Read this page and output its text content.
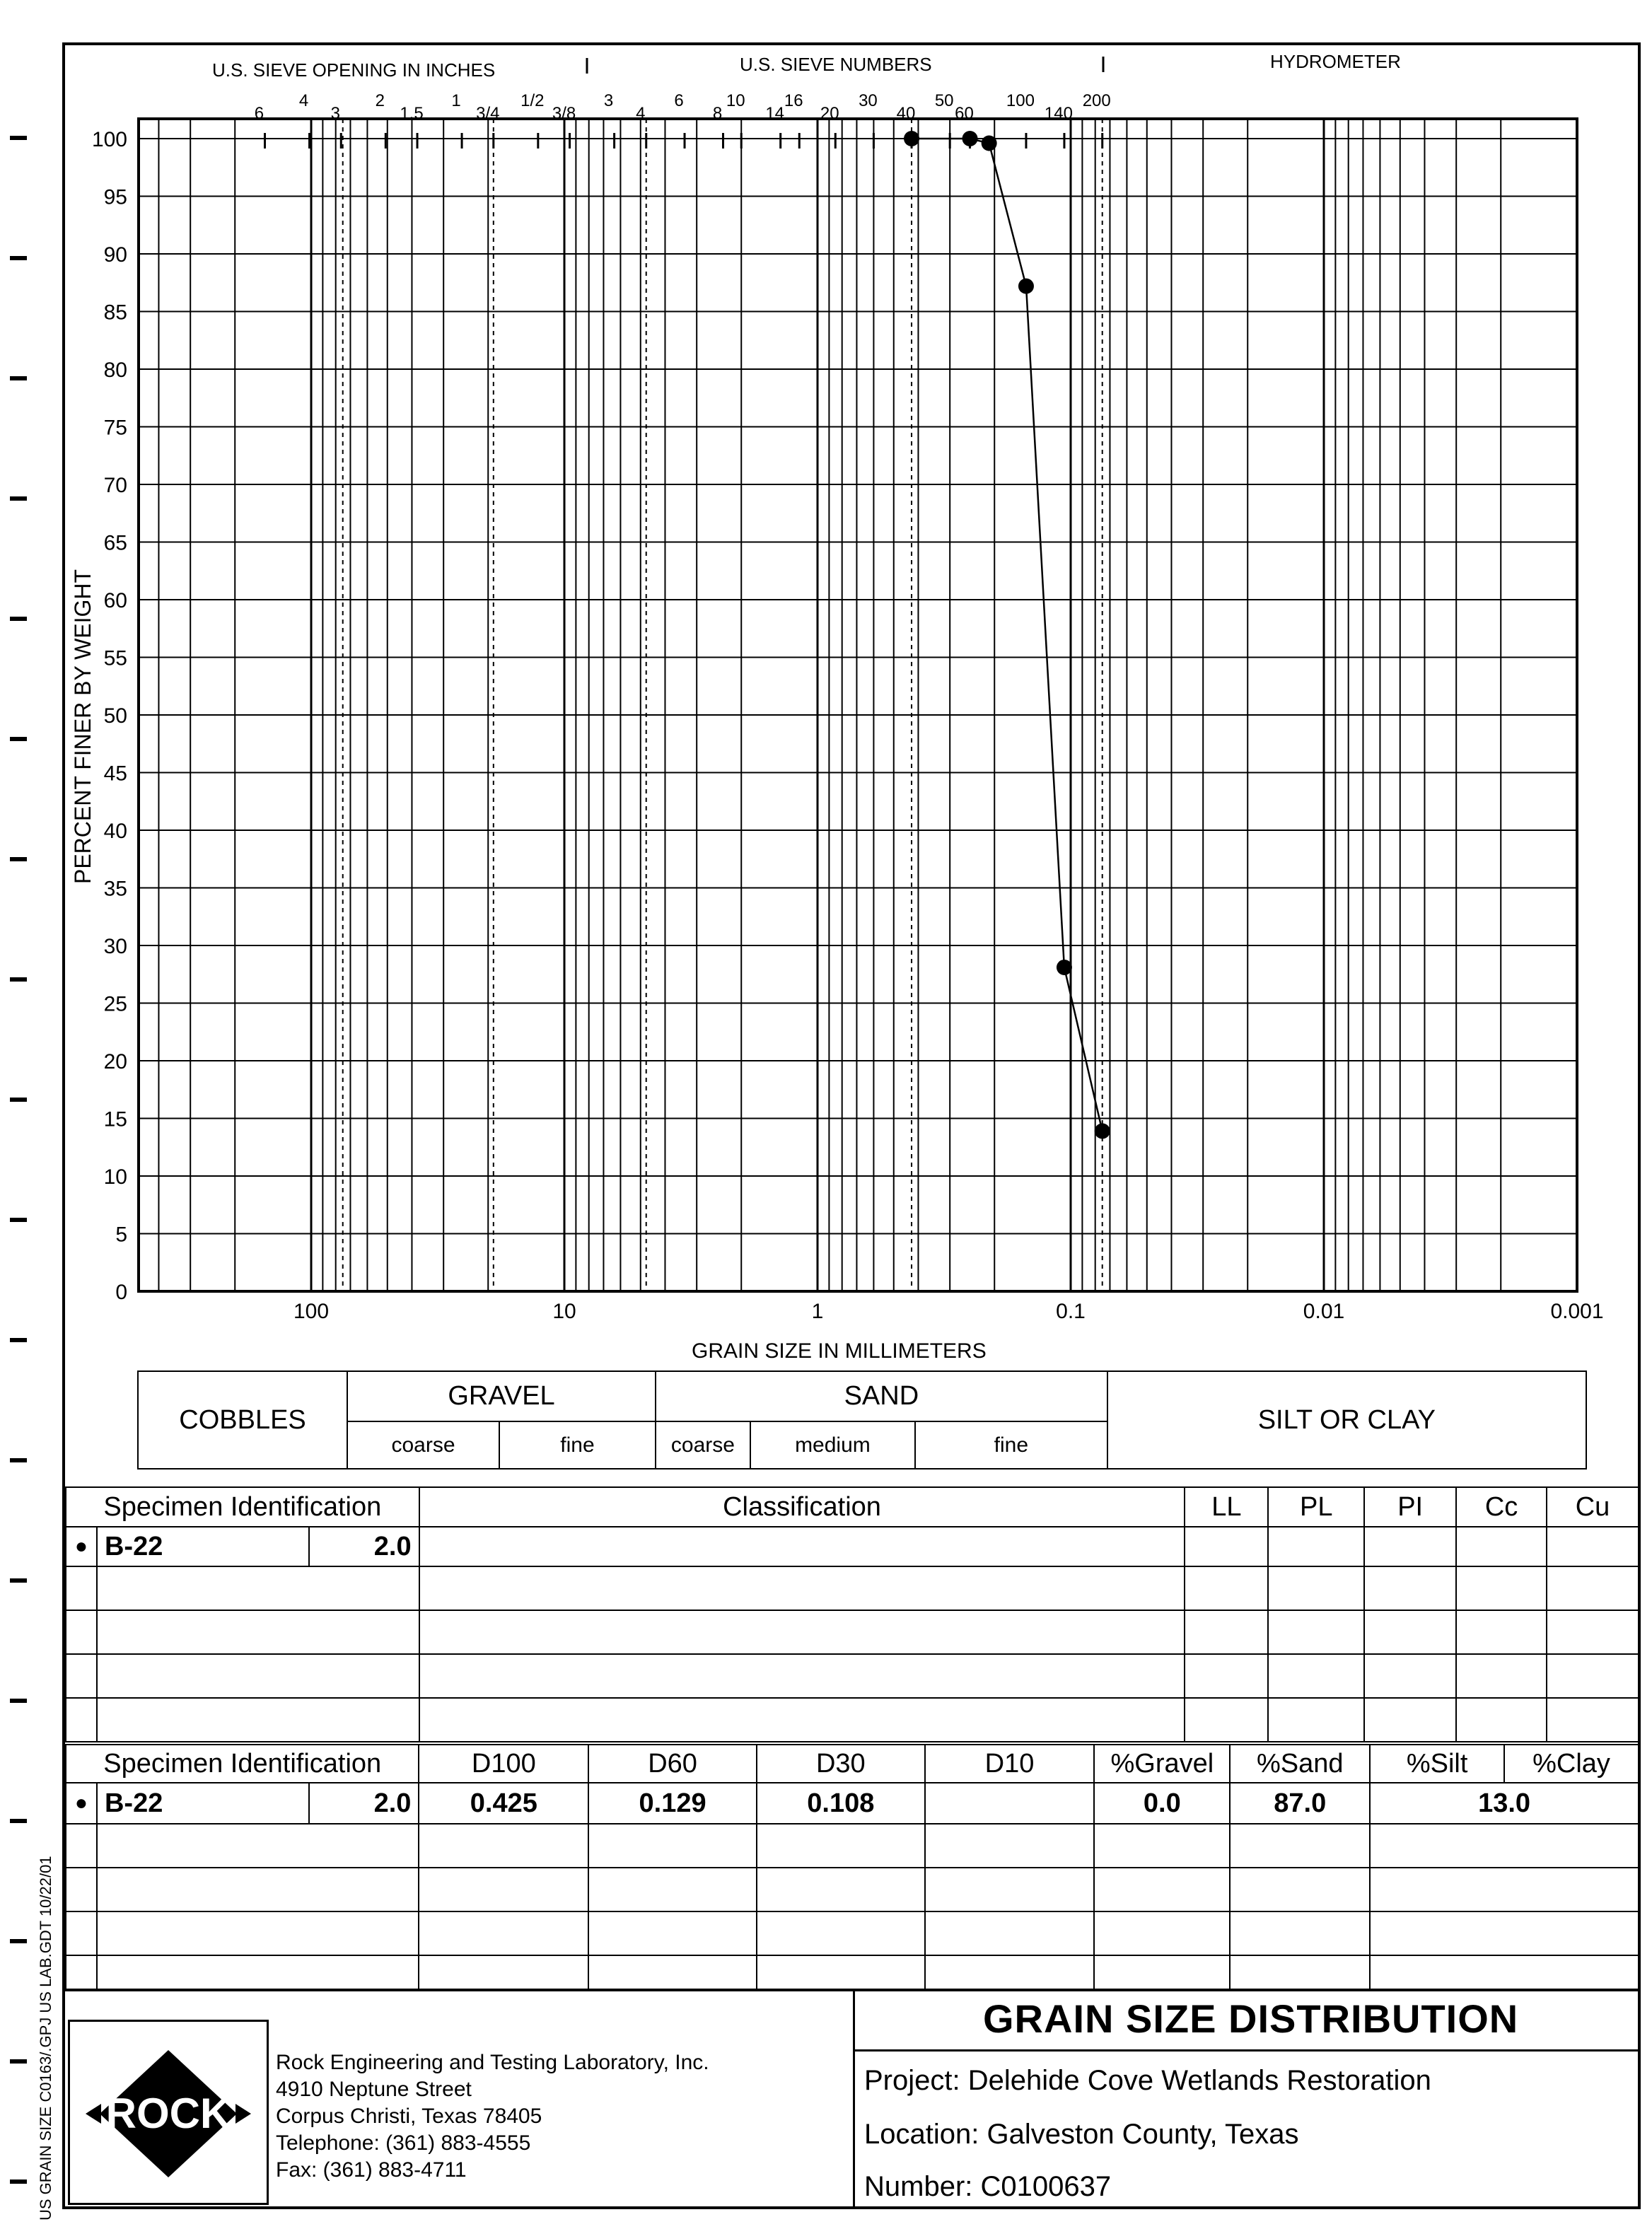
US GRAIN SIZE C0163/.GPJ US LAB.GDT 10/22/01
0
5
10
15
20
25
30
35
40
45
50
55
60
65
70
75
80
85
90
95
100
100	10	1	0.1	0.01	0.001
6
4
3
2
1.5
1
3/4
1/2
3/8
3
4
6
8
10
14
16
20
30
40
50
60
100
140
200
U.S. SIEVE OPENING IN INCHES	U.S. SIEVE NUMBERS	HYDROMETER
PERCENT FINER BY WEIGHT
GRAIN SIZE IN MILLIMETERS
COBBLES	GRAVEL		SAND			SILT OR CLAY
	coarse	fine	coarse	medium	fine	
Specimen Identification			Classification	LL	PL	PI	Cc	Cu
●	B-22	2.0						

Specimen Identification			D100	D60	D30	D10	%Gravel	%Sand	%Silt	%Clay
●	B-22	2.0	0.425	0.129	0.108		0.0	87.0	13.0	

ROCK
Rock Engineering and Testing Laboratory, Inc.
4910 Neptune Street
Corpus Christi, Texas 78405
Telephone: (361) 883-4555
Fax: (361) 883-4711
GRAIN SIZE DISTRIBUTION
Project: Delehide Cove Wetlands Restoration
Location: Galveston County, Texas
Number: C0100637
